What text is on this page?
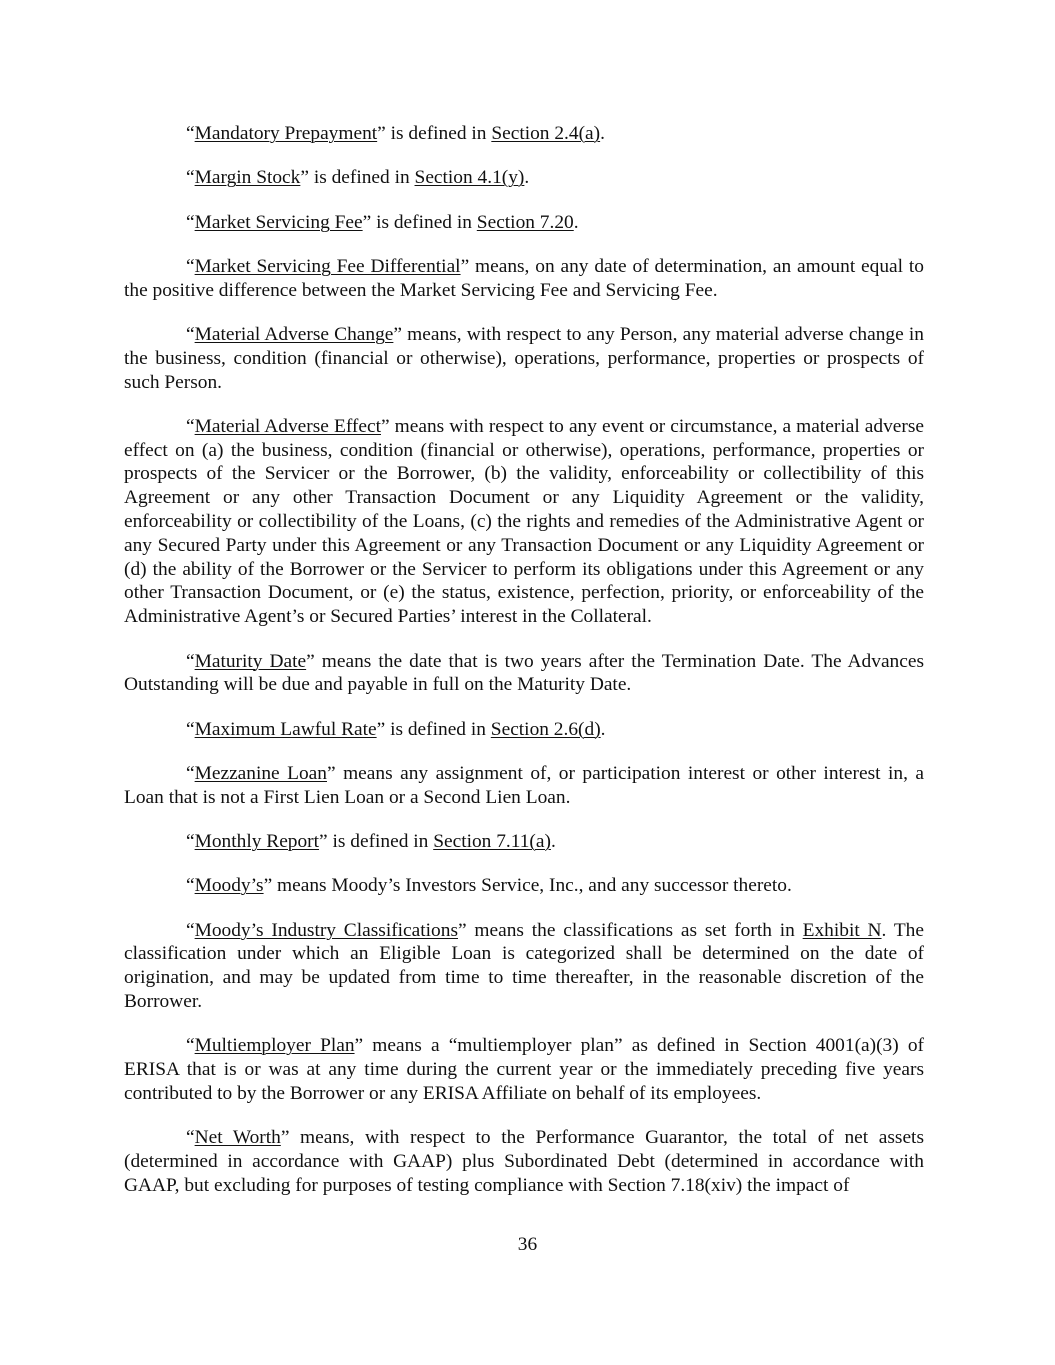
“Mandatory Prepayment” is defined in Section 2.4(a).

“Margin Stock” is defined in Section 4.1(y).

“Market Servicing Fee” is defined in Section 7.20.

“Market Servicing Fee Differential” means, on any date of determination, an amount equal to the positive difference between the Market Servicing Fee and Servicing Fee.

“Material Adverse Change” means, with respect to any Person, any material adverse change in the business, condition (financial or otherwise), operations, performance, properties or prospects of such Person.

“Material Adverse Effect” means with respect to any event or circumstance, a material adverse effect on (a) the business, condition (financial or otherwise), operations, performance, properties or prospects of the Servicer or the Borrower, (b) the validity, enforceability or collectibility of this Agreement or any other Transaction Document or any Liquidity Agreement or the validity, enforceability or collectibility of the Loans, (c) the rights and remedies of the Administrative Agent or any Secured Party under this Agreement or any Transaction Document or any Liquidity Agreement or (d) the ability of the Borrower or the Servicer to perform its obligations under this Agreement or any other Transaction Document, or (e) the status, existence, perfection, priority, or enforceability of the Administrative Agent’s or Secured Parties’ interest in the Collateral.

“Maturity Date” means the date that is two years after the Termination Date. The Advances Outstanding will be due and payable in full on the Maturity Date.

“Maximum Lawful Rate” is defined in Section 2.6(d).

“Mezzanine Loan” means any assignment of, or participation interest or other interest in, a Loan that is not a First Lien Loan or a Second Lien Loan.

“Monthly Report” is defined in Section 7.11(a).

“Moody’s” means Moody’s Investors Service, Inc., and any successor thereto.

“Moody’s Industry Classifications” means the classifications as set forth in Exhibit N. The classification under which an Eligible Loan is categorized shall be determined on the date of origination, and may be updated from time to time thereafter, in the reasonable discretion of the Borrower.

“Multiemployer Plan” means a “multiemployer plan” as defined in Section 4001(a)(3) of ERISA that is or was at any time during the current year or the immediately preceding five years contributed to by the Borrower or any ERISA Affiliate on behalf of its employees.

“Net Worth” means, with respect to the Performance Guarantor, the total of net assets (determined in accordance with GAAP) plus Subordinated Debt (determined in accordance with GAAP, but excluding for purposes of testing compliance with Section 7.18(xiv) the impact of

36
